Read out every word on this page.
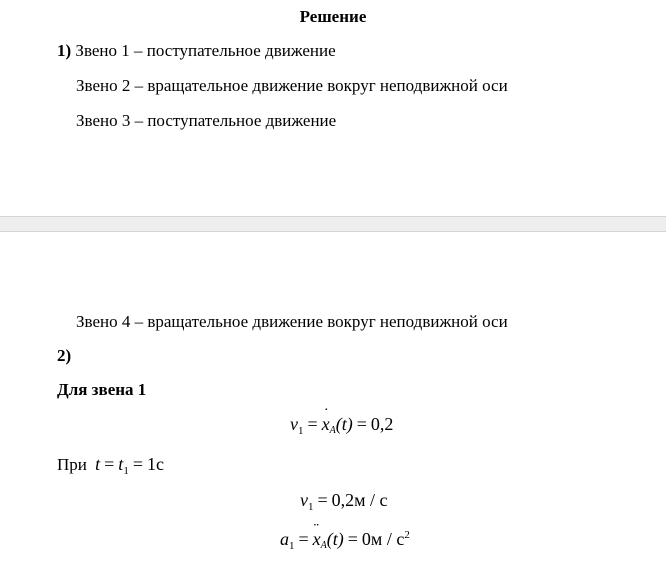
Решение
1) Звено 1 – поступательное движение
Звено 2 – вращательное движение вокруг неподвижной оси
Звено 3 – поступательное движение
Звено 4 – вращательное движение вокруг неподвижной оси
2)
Для звена 1
$v_1$ = ˙ xA(t) = 0,2
При $t = t_1 = 1с$
$v_1 = 0,2м / с$
$a_1$ = ¨ $xA(t) = 0м / с^2$
